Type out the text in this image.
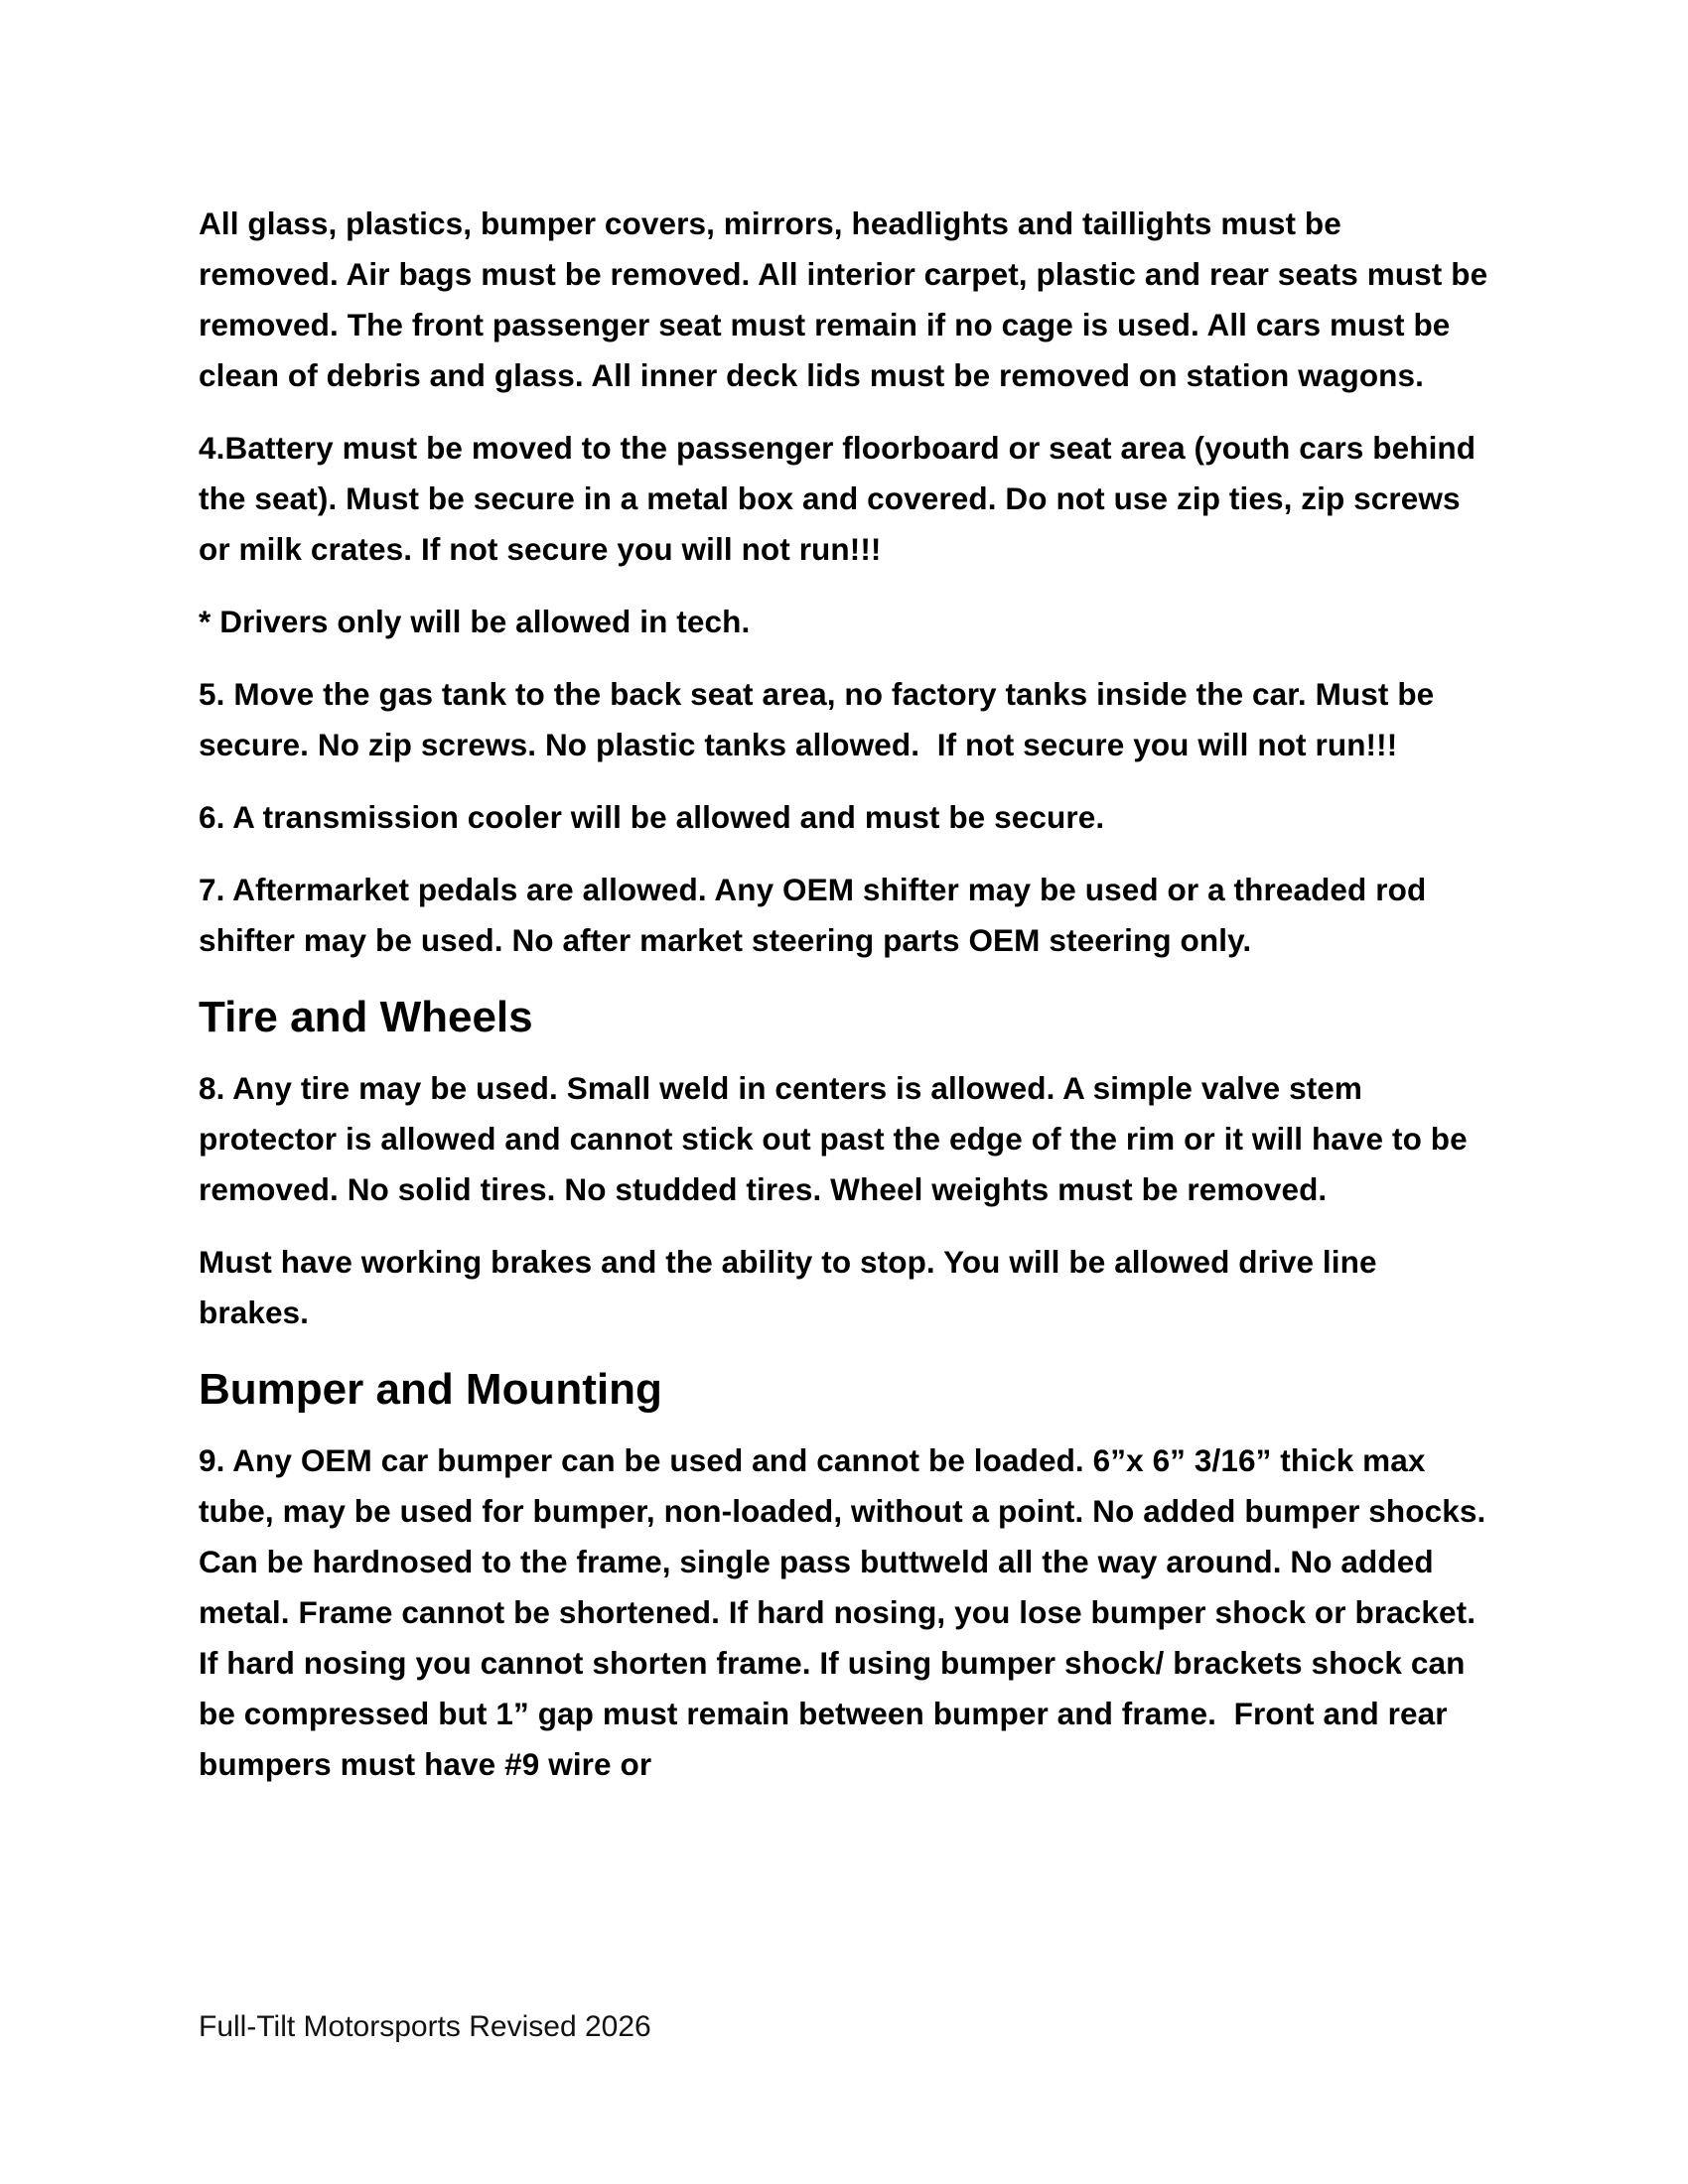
All glass, plastics, bumper covers, mirrors, headlights and taillights must be removed. Air bags must be removed. All interior carpet, plastic and rear seats must be removed. The front passenger seat must remain if no cage is used. All cars must be clean of debris and glass. All inner deck lids must be removed on station wagons.

4.Battery must be moved to the passenger floorboard or seat area (youth cars behind the seat). Must be secure in a metal box and covered. Do not use zip ties, zip screws or milk crates. If not secure you will not run!!!

* Drivers only will be allowed in tech.

5. Move the gas tank to the back seat area, no factory tanks inside the car. Must be secure. No zip screws. No plastic tanks allowed.  If not secure you will not run!!!

6. A transmission cooler will be allowed and must be secure.

7. Aftermarket pedals are allowed. Any OEM shifter may be used or a threaded rod shifter may be used. No after market steering parts OEM steering only.

Tire and Wheels

8. Any tire may be used. Small weld in centers is allowed. A simple valve stem protector is allowed and cannot stick out past the edge of the rim or it will have to be removed. No solid tires. No studded tires. Wheel weights must be removed.

Must have working brakes and the ability to stop. You will be allowed drive line brakes.

Bumper and Mounting

9. Any OEM car bumper can be used and cannot be loaded. 6”x 6” 3/16” thick max tube, may be used for bumper, non-loaded, without a point. No added bumper shocks. Can be hardnosed to the frame, single pass buttweld all the way around. No added metal. Frame cannot be shortened. If hard nosing, you lose bumper shock or bracket. If hard nosing you cannot shorten frame. If using bumper shock/ brackets shock can be compressed but 1” gap must remain between bumper and frame.  Front and rear bumpers must have #9 wire or

Full-Tilt Motorsports Revised 2026
